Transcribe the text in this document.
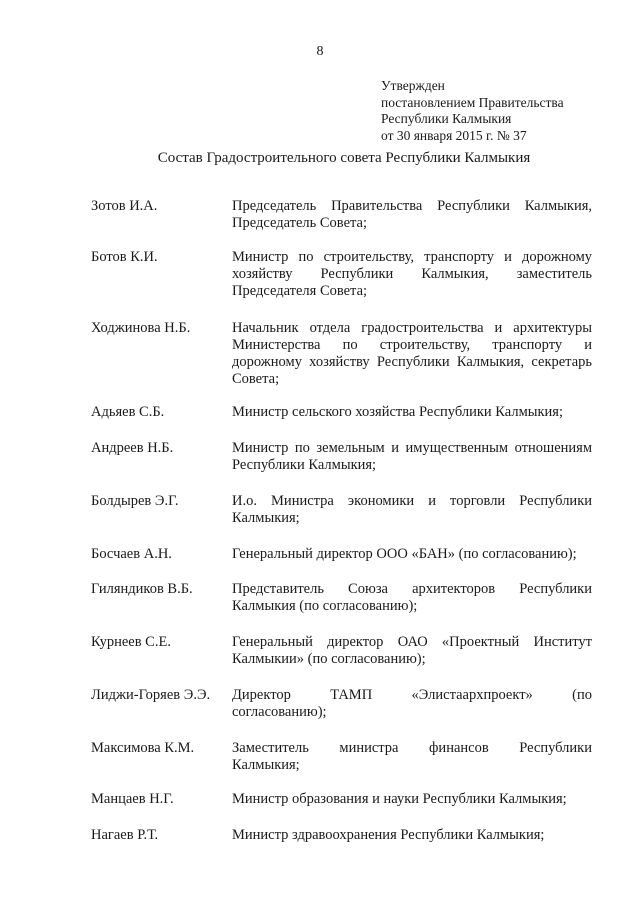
8
Утвержден
постановлением Правительства
Республики Калмыкия
от 30 января 2015 г. № 37
Состав Градостроительного совета Республики Калмыкия
Зотов И.А.	Председатель Правительства Республики Калмыкия,
Председатель Совета;
Ботов К.И.	Министр по строительству, транспорту и дорожному
хозяйству Республики Калмыкия, заместитель
Председателя Совета;
Ходжинова Н.Б.	Начальник отдела градостроительства и архитектуры
Министерства по строительству, транспорту и
дорожному хозяйству Республики Калмыкия, секретарь
Совета;
Адьяев С.Б.	Министр сельского хозяйства Республики Калмыкия;
Андреев Н.Б.	Министр по земельным и имущественным отношениям
Республики Калмыкия;
Болдырев Э.Г.	И.о. Министра экономики и торговли Республики
Калмыкия;
Босчаев А.Н.	Генеральный директор ООО «БАН» (по согласованию);
Гиляндиков В.Б.	Представитель Союза архитекторов Республики
Калмыкия (по согласованию);
Курнеев С.Е.	Генеральный директор ОАО «Проектный Институт
Калмыкии» (по согласованию);
Лиджи-Горяев Э.Э. Директор ТАМП «Элистаархпроект» (по
согласованию);
Максимова К.М.	Заместитель министра финансов Республики
Калмыкия;
Манцаев Н.Г.	Министр образования и науки Республики Калмыкия;
Нагаев Р.Т.	Министр здравоохранения Республики Калмыкия;
